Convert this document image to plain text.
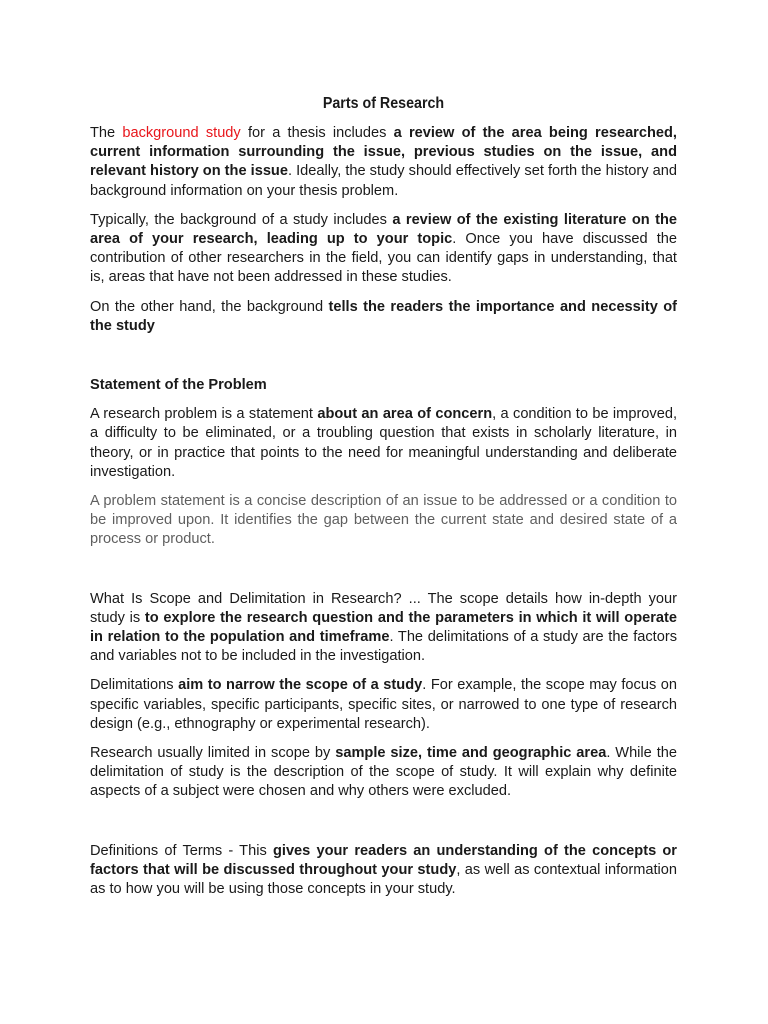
Parts of Research

The background study for a thesis includes a review of the area being researched, current information surrounding the issue, previous studies on the issue, and relevant history on the issue. Ideally, the study should effectively set forth the history and background information on your thesis problem.

Typically, the background of a study includes a review of the existing literature on the area of your research, leading up to your topic. Once you have discussed the contribution of other researchers in the field, you can identify gaps in understanding, that is, areas that have not been addressed in these studies.

On the other hand, the background tells the readers the importance and necessity of the study

Statement of the Problem

A research problem is a statement about an area of concern, a condition to be improved, a difficulty to be eliminated, or a troubling question that exists in scholarly literature, in theory, or in practice that points to the need for meaningful understanding and deliberate investigation.

A problem statement is a concise description of an issue to be addressed or a condition to be improved upon. It identifies the gap between the current state and desired state of a process or product.

What Is Scope and Delimitation in Research? ... The scope details how in-depth your study is to explore the research question and the parameters in which it will operate in relation to the population and timeframe. The delimitations of a study are the factors and variables not to be included in the investigation.

Delimitations aim to narrow the scope of a study. For example, the scope may focus on specific variables, specific participants, specific sites, or narrowed to one type of research design (e.g., ethnography or experimental research).

Research usually limited in scope by sample size, time and geographic area. While the delimitation of study is the description of the scope of study. It will explain why definite aspects of a subject were chosen and why others were excluded.

Definitions of Terms - This gives your readers an understanding of the concepts or factors that will be discussed throughout your study, as well as contextual information as to how you will be using those concepts in your study.
